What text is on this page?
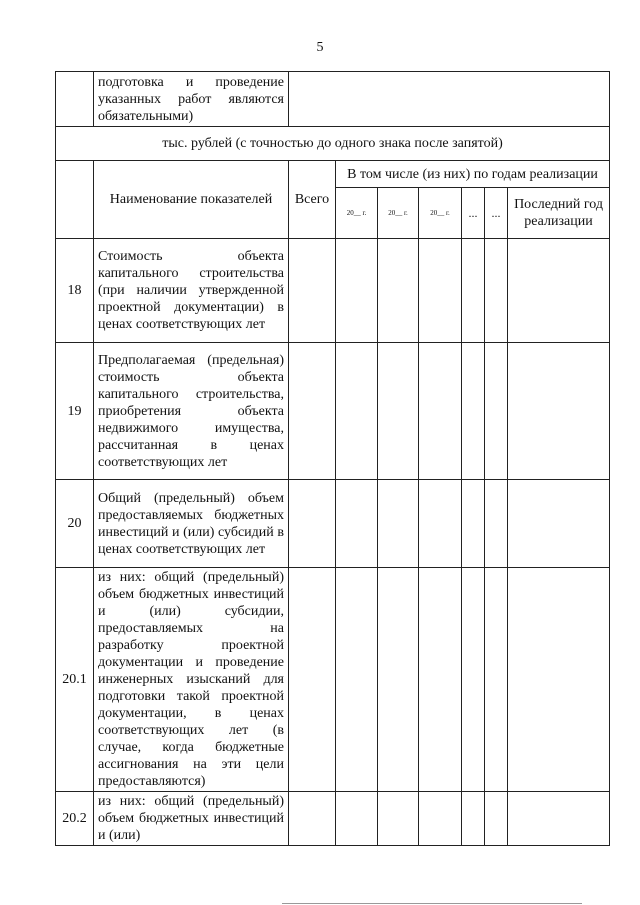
5
	подготовка и проведение указанных работ являются обязательными)							
тыс. рублей (с точностью до одного знака после запятой)								
	Наименование показателей	Всего	В том числе (из них) по годам реализации					
			20__ г.	20__ г.	20__ г.	...	...	Последний год реализации
18	Стоимость объекта капитального строительства (при наличии утвержденной проектной документации) в ценах соответствующих лет							
19	Предполагаемая (предельная) стоимость объекта капитального строительства, приобретения объекта недвижимого имущества, рассчитанная в ценах соответствующих лет							
20	Общий (предельный) объем предоставляемых бюджетных инвестиций и (или) субсидий в ценах соответствующих лет							
20.1	из них: общий (предельный) объем бюджетных инвестиций и (или) субсидии, предоставляемых на разработку проектной документации и проведение инженерных изысканий для подготовки такой проектной документации, в ценах соответствующих лет (в случае, когда бюджетные ассигнования на эти цели предоставляются)							
20.2	из них: общий (предельный) объем бюджетных инвестиций и (или)							
